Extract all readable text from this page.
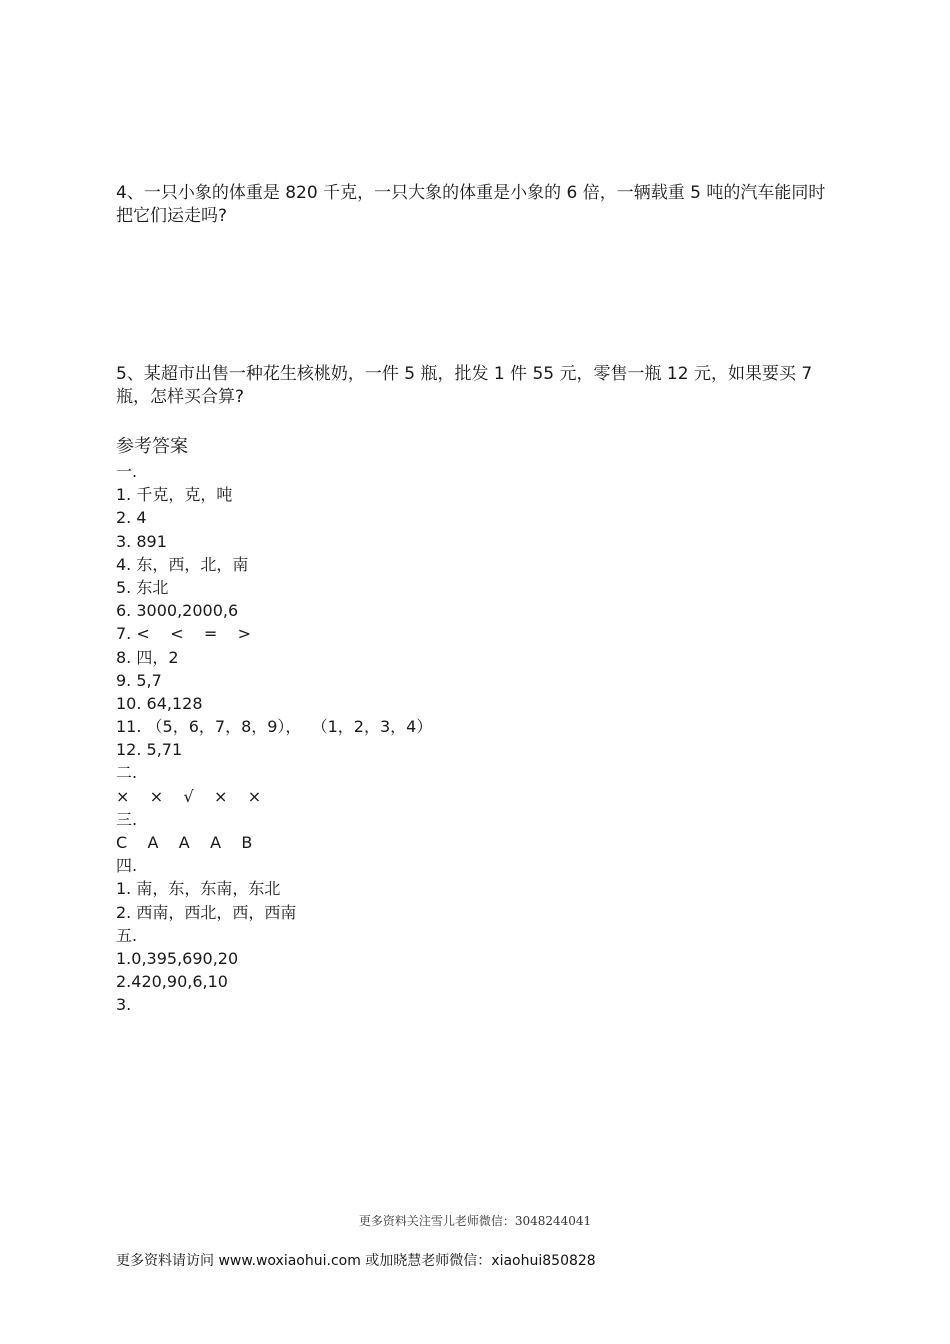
4、一只小象的体重是 820 千克，一只大象的体重是小象的 6 倍，一辆载重 5 吨的汽车能同时把它们运走吗?

5、某超市出售一种花生核桃奶，一件 5 瓶，批发 1 件 55 元，零售一瓶 12 元，如果要买 7 瓶，怎样买合算?

参考答案
一.
1. 千克，克，吨
2. 4
3. 891
4. 东，西，北，南
5. 东北
6. 3000,2000,6
7. <    <    =    >
8. 四，2
9. 5,7
10. 64,128
11. （5，6，7，8，9），  （1，2，3，4）
12. 5,71
二.
×    ×    √    ×    ×
三.
C    A    A    A    B
四.
1. 南，东，东南，东北
2. 西南，西北，西，西南
五.
1.0,395,690,20
2.420,90,6,10
3.

更多资料关注雪儿老师微信：3048244041

更多资料请访问 www.woxiaohui.com 或加晓慧老师微信：xiaohui850828
